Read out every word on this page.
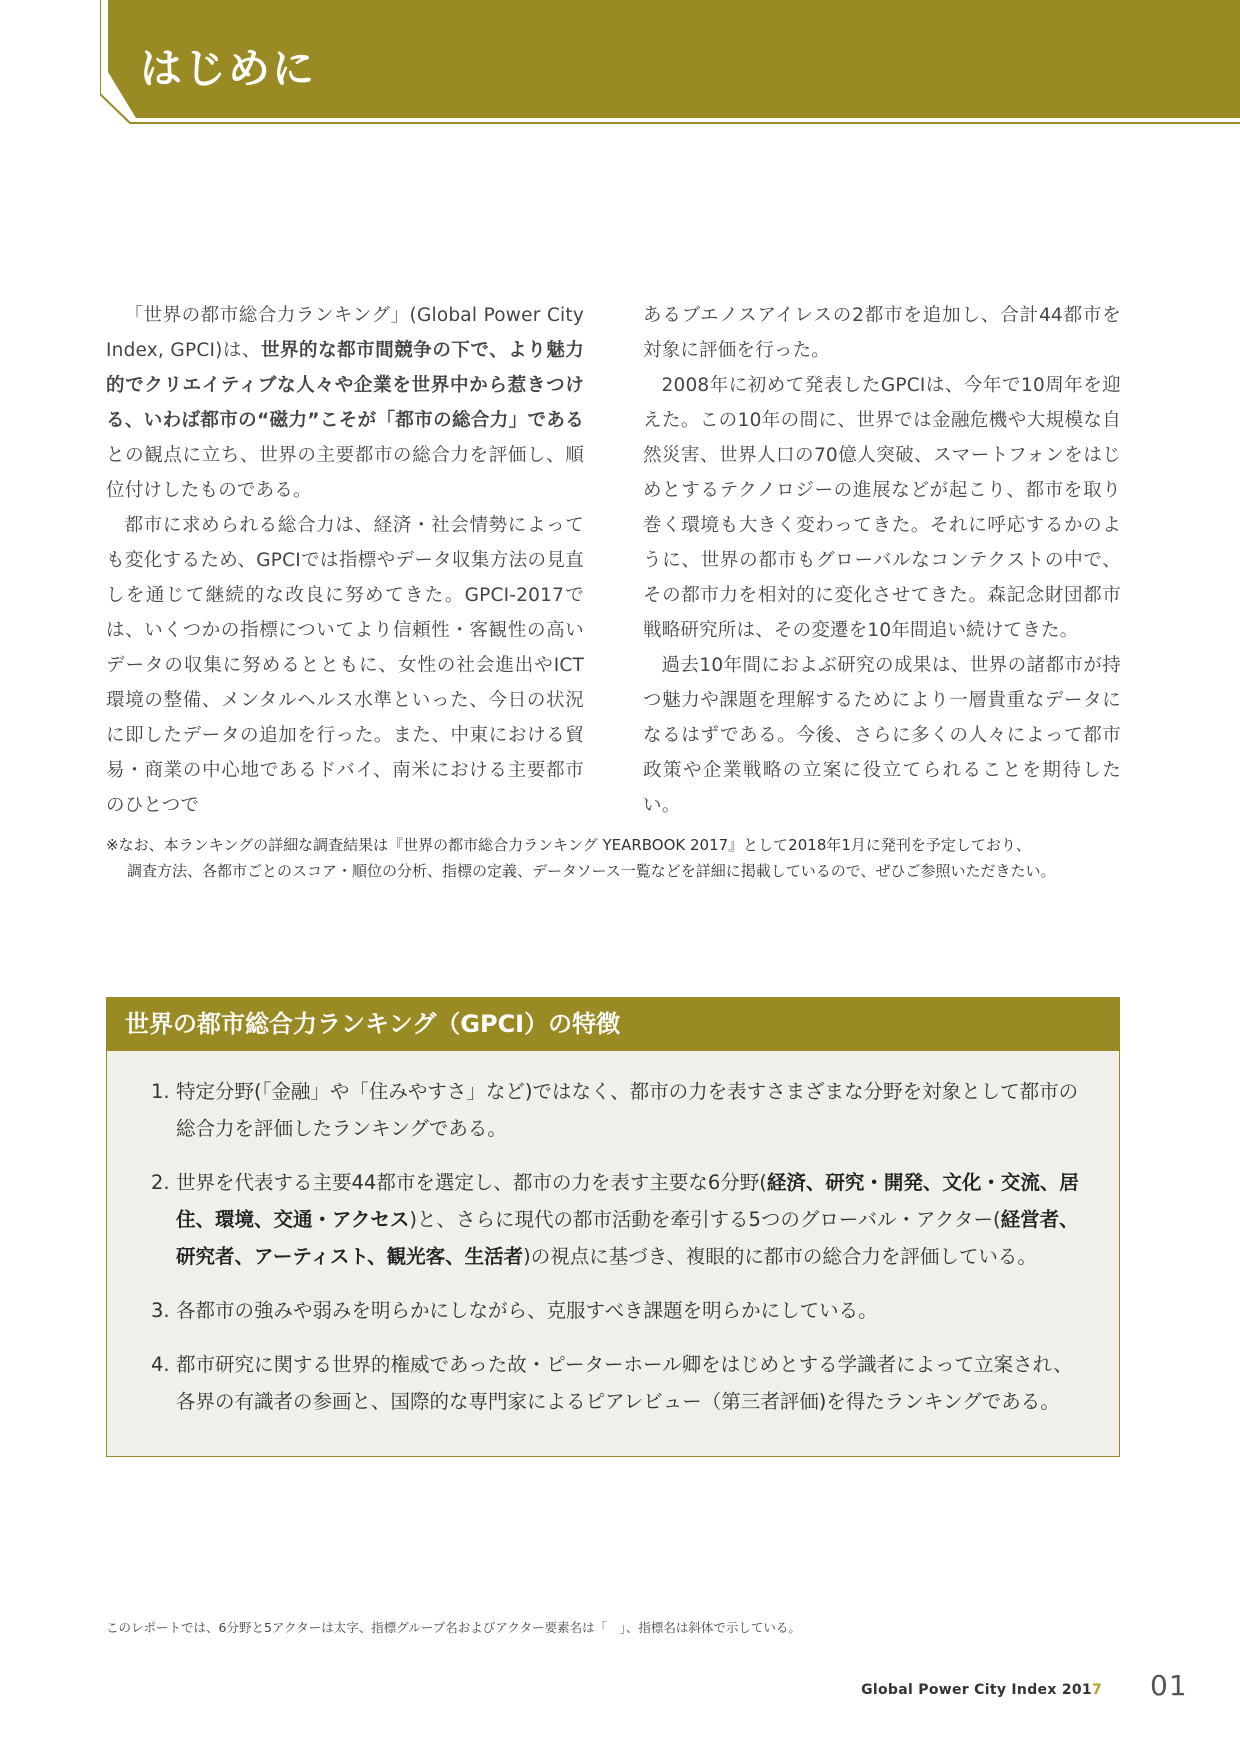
はじめに

「世界の都市総合力ランキング」(Global Power City Index, GPCI)は、世界的な都市間競争の下で、より魅力的でクリエイティブな人々や企業を世界中から惹きつける、いわば都市の“磁力”こそが「都市の総合力」であるとの観点に立ち、世界の主要都市の総合力を評価し、順位付けしたものである。

都市に求められる総合力は、経済・社会情勢によっても変化するため、GPCIでは指標やデータ収集方法の見直しを通じて継続的な改良に努めてきた。GPCI-2017では、いくつかの指標についてより信頼性・客観性の高いデータの収集に努めるとともに、女性の社会進出やICT環境の整備、メンタルヘルス水準といった、今日の状況に即したデータの追加を行った。また、中東における貿易・商業の中心地であるドバイ、南米における主要都市のひとつで

あるブエノスアイレスの2都市を追加し、合計44都市を対象に評価を行った。

2008年に初めて発表したGPCIは、今年で10周年を迎えた。この10年の間に、世界では金融危機や大規模な自然災害、世界人口の70億人突破、スマートフォンをはじめとするテクノロジーの進展などが起こり、都市を取り巻く環境も大きく変わってきた。それに呼応するかのように、世界の都市もグローバルなコンテクストの中で、その都市力を相対的に変化させてきた。森記念財団都市戦略研究所は、その変遷を10年間追い続けてきた。

過去10年間におよぶ研究の成果は、世界の諸都市が持つ魅力や課題を理解するためにより一層貴重なデータになるはずである。今後、さらに多くの人々によって都市政策や企業戦略の立案に役立てられることを期待したい。

※なお、本ランキングの詳細な調査結果は『世界の都市総合力ランキング YEARBOOK 2017』として2018年1月に発刊を予定しており、
調査方法、各都市ごとのスコア・順位の分析、指標の定義、データソース一覧などを詳細に掲載しているので、ぜひご参照いただきたい。
世界の都市総合力ランキング（GPCI）の特徴
1. 特定分野(「金融」や「住みやすさ」など)ではなく、都市の力を表すさまざまな分野を対象として都市の総合力を評価したランキングである。
2. 世界を代表する主要44都市を選定し、都市の力を表す主要な6分野(経済、研究・開発、文化・交流、居住、環境、交通・アクセス)と、さらに現代の都市活動を牽引する5つのグローバル・アクター(経営者、研究者、アーティスト、観光客、生活者)の視点に基づき、複眼的に都市の総合力を評価している。
3. 各都市の強みや弱みを明らかにしながら、克服すべき課題を明らかにしている。
4. 都市研究に関する世界的権威であった故・ピーターホール卿をはじめとする学識者によって立案され、各界の有識者の参画と、国際的な専門家によるピアレビュー（第三者評価)を得たランキングである。
このレポートでは、6分野と5アクターは太字、指標グループ名およびアクター要素名は「　」、指標名は斜体で示している。
Global Power City Index 2017 01
